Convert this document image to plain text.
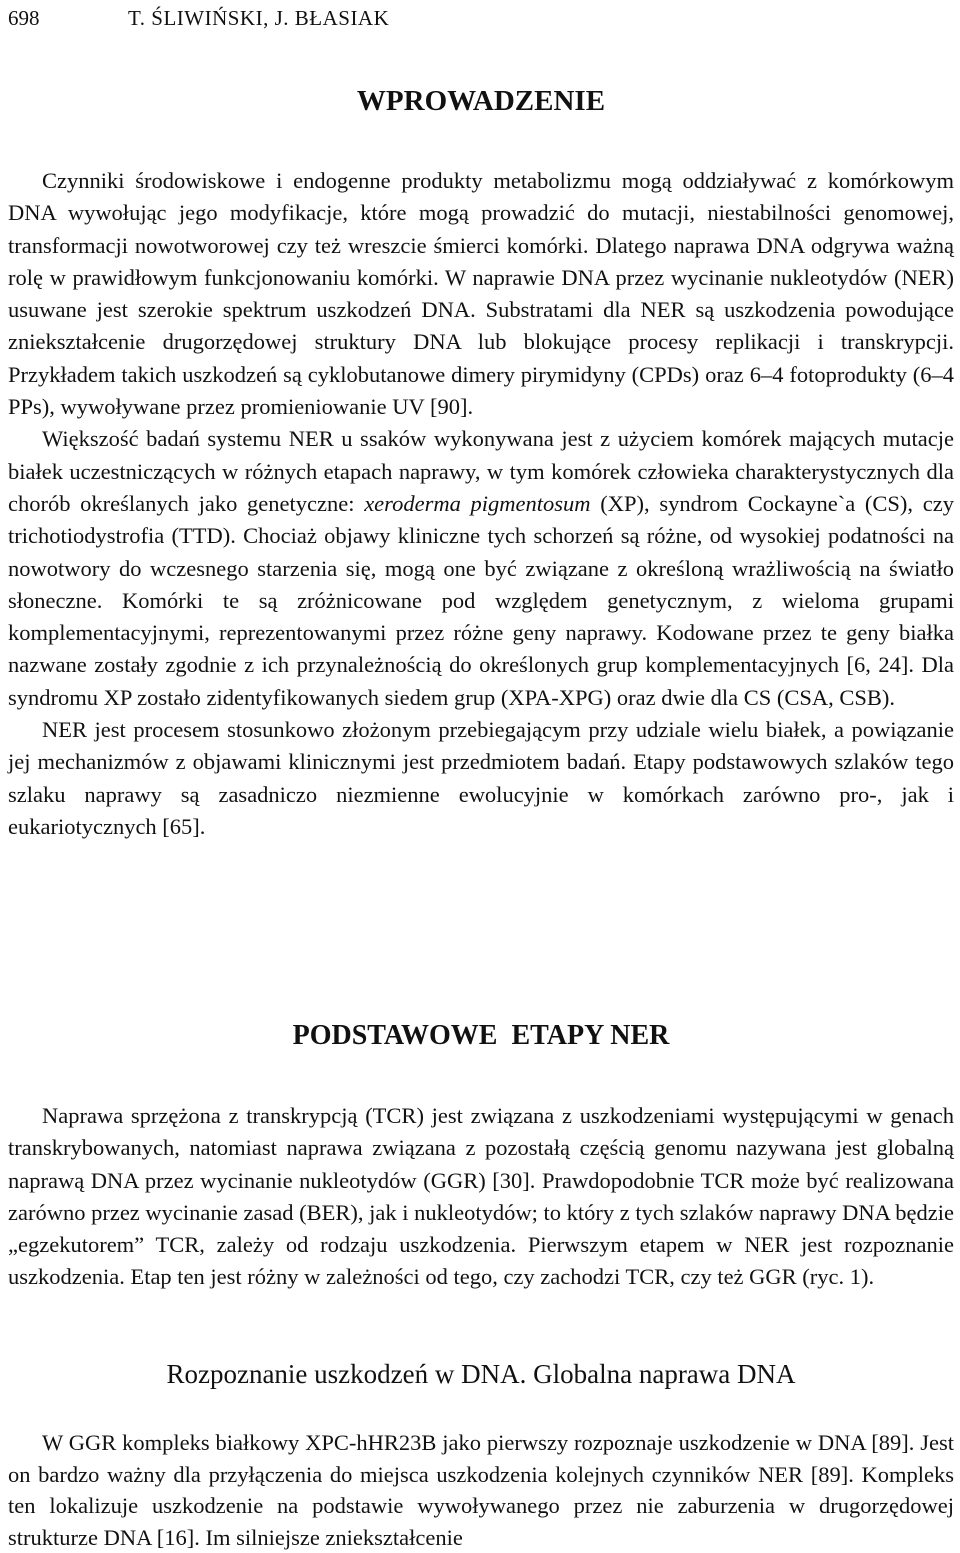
698	T. ŚLIWIŃSKI, J. BŁASIAK
WPROWADZENIE

Czynniki środowiskowe i endogenne produkty metabolizmu mogą oddziaływać z komórkowym DNA wywołując jego modyfikacje, które mogą prowadzić do mutacji, niestabilności genomowej, transformacji nowotworowej czy też wreszcie śmierci komórki. Dlatego naprawa DNA odgrywa ważną rolę w prawidłowym funkcjonowaniu komórki. W naprawie DNA przez wycinanie nukleotydów (NER) usuwane jest szerokie spektrum uszkodzeń DNA. Substratami dla NER są uszkodzenia powodujące zniekształcenie drugorzędowej struktury DNA lub blokujące procesy replikacji i transkrypcji. Przykładem takich uszkodzeń są cyklobutanowe dimery pirymidyny (CPDs) oraz 6–4 fotoprodukty (6–4 PPs), wywoływane przez promieniowanie UV [90].

Większość badań systemu NER u ssaków wykonywana jest z użyciem komórek mających mutacje białek uczestniczących w różnych etapach naprawy, w tym komórek człowieka charakterystycznych dla chorób określanych jako genetyczne: xeroderma pigmentosum (XP), syndrom Cockayne`a (CS), czy trichotiodystrofia (TTD). Chociaż objawy kliniczne tych schorzeń są różne, od wysokiej podatności na nowotwory do wczesnego starzenia się, mogą one być związane z określoną wrażliwością na światło słoneczne. Komórki te są zróżnicowane pod względem genetycznym, z wieloma grupami komplementacyjnymi, reprezentowanymi przez różne geny naprawy. Kodowane przez te geny białka nazwane zostały zgodnie z ich przynależnością do określonych grup komplementacyjnych [6, 24]. Dla syndromu XP zostało zidentyfikowanych siedem grup (XPA-XPG) oraz dwie dla CS (CSA, CSB).

NER jest procesem stosunkowo złożonym przebiegającym przy udziale wielu białek, a powiązanie jej mechanizmów z objawami klinicznymi jest przedmiotem badań. Etapy podstawowych szlaków tego szlaku naprawy są zasadniczo niezmienne ewolucyjnie w komórkach zarówno pro-, jak i eukariotycznych [65].

PODSTAWOWE  ETAPY NER

Naprawa sprzężona z transkrypcją (TCR) jest związana z uszkodzeniami występującymi w genach transkrybowanych, natomiast naprawa związana z pozostałą częścią genomu nazywana jest globalną naprawą DNA przez wycinanie nukleotydów (GGR) [30]. Prawdopodobnie TCR może być realizowana zarówno przez wycinanie zasad (BER), jak i nukleotydów; to który z tych szlaków naprawy DNA będzie „egzekutorem” TCR, zależy od rodzaju uszkodzenia. Pierwszym etapem w NER jest rozpoznanie uszkodzenia. Etap ten jest różny w zależności od tego, czy zachodzi TCR, czy też GGR (ryc. 1).

Rozpoznanie uszkodzeń w DNA. Globalna naprawa DNA

W GGR kompleks białkowy XPC-hHR23B jako pierwszy rozpoznaje uszkodzenie w DNA [89]. Jest on bardzo ważny dla przyłączenia do miejsca uszkodzenia kolejnych czynników NER [89]. Kompleks ten lokalizuje uszkodzenie na podstawie wywoływanego przez nie zaburzenia w drugorzędowej strukturze DNA [16]. Im silniejsze zniekształcenie
